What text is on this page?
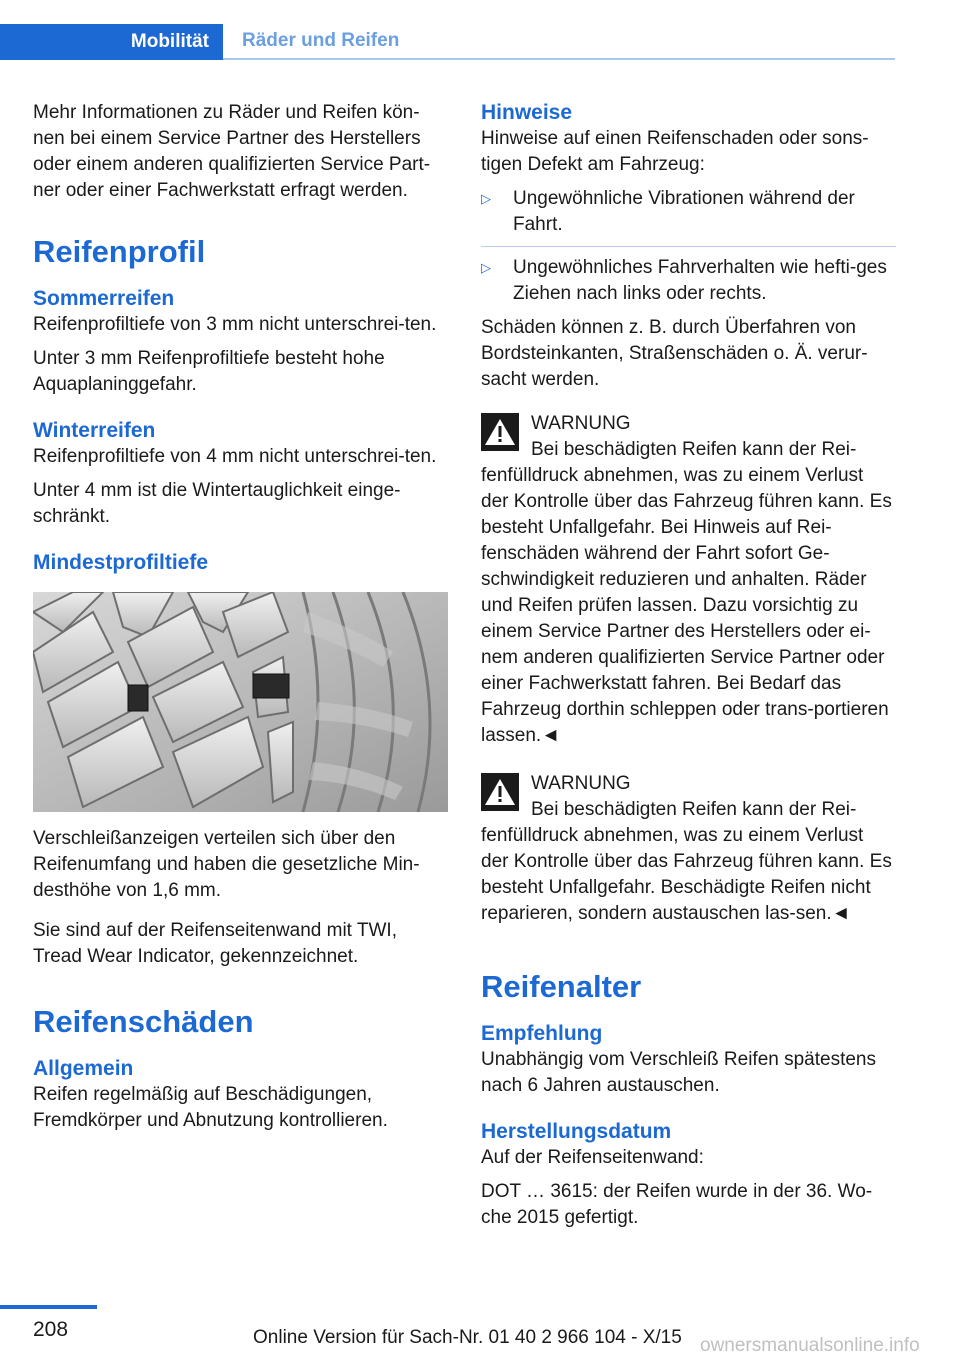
Mobilität	Räder und Reifen

Mehr Informationen zu Räder und Reifen kön-nen bei einem Service Partner des Herstellers oder einem anderen qualifizierten Service Part-ner oder einer Fachwerkstatt erfragt werden.

Reifenprofil
Sommerreifen

Reifenprofiltiefe von 3 mm nicht unterschrei-ten.

Unter 3 mm Reifenprofiltiefe besteht hohe Aquaplaninggefahr.

Winterreifen

Reifenprofiltiefe von 4 mm nicht unterschrei-ten.

Unter 4 mm ist die Wintertauglichkeit einge-schränkt.

Mindestprofiltiefe

Verschleißanzeigen verteilen sich über den Reifenumfang und haben die gesetzliche Min-desthöhe von 1,6 mm.

Sie sind auf der Reifenseitenwand mit TWI, Tread Wear Indicator, gekennzeichnet.

Reifenschäden
Allgemein

Reifen regelmäßig auf Beschädigungen, Fremdkörper und Abnutzung kontrollieren.

Hinweise

Hinweise auf einen Reifenschaden oder sons-tigen Defekt am Fahrzeug:

▷ Ungewöhnliche Vibrationen während der Fahrt.
▷ Ungewöhnliches Fahrverhalten wie hefti-ges Ziehen nach links oder rechts.

Schäden können z. B. durch Überfahren von Bordsteinkanten, Straßenschäden o. Ä. verur-sacht werden.

WARNUNG
Bei beschädigten Reifen kann der Rei-

fenfülldruck abnehmen, was zu einem Verlust der Kontrolle über das Fahrzeug führen kann. Es besteht Unfallgefahr. Bei Hinweis auf Rei-fenschäden während der Fahrt sofort Ge-schwindigkeit reduzieren und anhalten. Räder und Reifen prüfen lassen. Dazu vorsichtig zu einem Service Partner des Herstellers oder ei-nem anderen qualifizierten Service Partner oder einer Fachwerkstatt fahren. Bei Bedarf das Fahrzeug dorthin schleppen oder trans-portieren lassen.◄

WARNUNG
Bei beschädigten Reifen kann der Rei-

fenfülldruck abnehmen, was zu einem Verlust der Kontrolle über das Fahrzeug führen kann. Es besteht Unfallgefahr. Beschädigte Reifen nicht reparieren, sondern austauschen las-sen.◄

Reifenalter
Empfehlung

Unabhängig vom Verschleiß Reifen spätestens nach 6 Jahren austauschen.

Herstellungsdatum

Auf der Reifenseitenwand:

DOT … 3615: der Reifen wurde in der 36. Wo-che 2015 gefertigt.

208	Online Version für Sach-Nr. 01 40 2 966 104 - X/15 ownersmanualsonline.info
